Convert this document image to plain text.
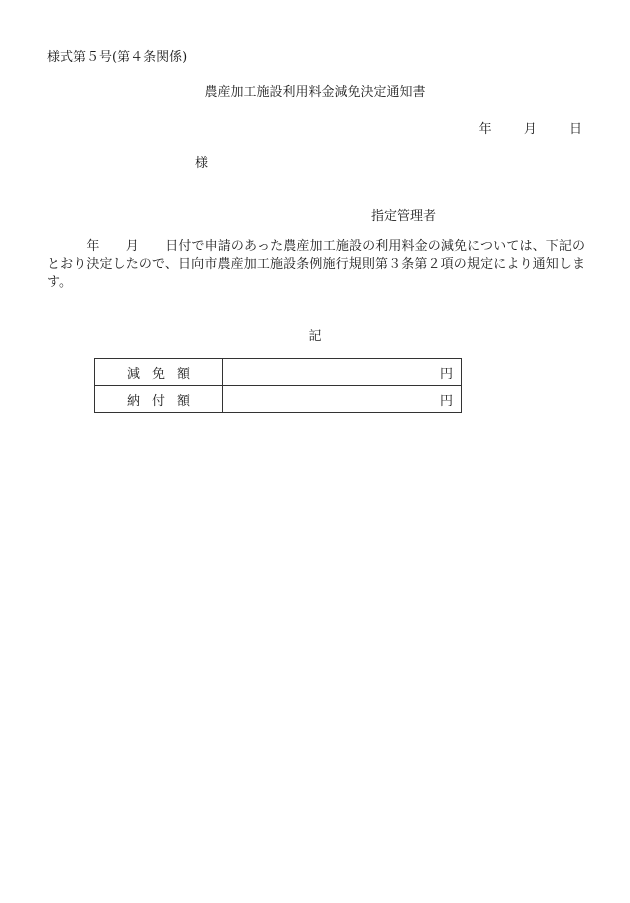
様式第５号(第４条関係)
農産加工施設利用料金減免決定通知書
年 月 日
様
指定管理者
　　　年　　月　　日付で申請のあった農産加工施設の利用料金の減免については、下記のとおり決定したので、日向市農産加工施設条例施行規則第３条第２項の規定により通知します。
記
減免額	円
納付額	円
